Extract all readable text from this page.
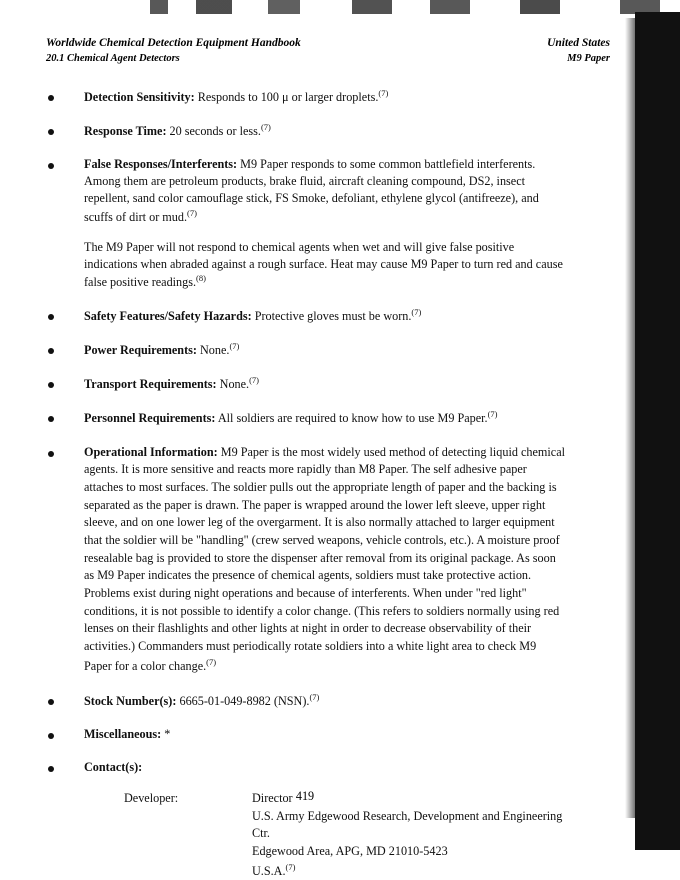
Worldwide Chemical Detection Equipment Handbook
20.1 Chemical Agent Detectors
United States
M9 Paper
Detection Sensitivity: Responds to 100 μ or larger droplets.$^{(7)}$
Response Time: 20 seconds or less.$^{(7)}$
False Responses/Interferents: M9 Paper responds to some common battlefield interferents. Among them are petroleum products, brake fluid, aircraft cleaning compound, DS2, insect repellent, sand color camouflage stick, FS Smoke, defoliant, ethylene glycol (antifreeze), and scuffs of dirt or mud.$^{(7)}$
The M9 Paper will not respond to chemical agents when wet and will give false positive indications when abraded against a rough surface. Heat may cause M9 Paper to turn red and cause false positive readings.$^{(8)}$
Safety Features/Safety Hazards: Protective gloves must be worn.$^{(7)}$
Power Requirements: None.$^{(7)}$
Transport Requirements: None.$^{(7)}$
Personnel Requirements: All soldiers are required to know how to use M9 Paper.$^{(7)}$
Operational Information: M9 Paper is the most widely used method of detecting liquid chemical agents. It is more sensitive and reacts more rapidly than M8 Paper. The self adhesive paper attaches to most surfaces. The soldier pulls out the appropriate length of paper and the backing is separated as the paper is drawn. The paper is wrapped around the lower left sleeve, upper right sleeve, and on one lower leg of the overgarment. It is also normally attached to larger equipment that the soldier will be "handling" (crew served weapons, vehicle controls, etc.). A moisture proof resealable bag is provided to store the dispenser after removal from its original package. As soon as M9 Paper indicates the presence of chemical agents, soldiers must take protective action. Problems exist during night operations and because of interferents. When under "red light" conditions, it is not possible to identify a color change. (This refers to soldiers normally using red lenses on their flashlights and other lights at night in order to decrease observability of their activities.) Commanders must periodically rotate soldiers into a white light area to check M9 Paper for a color change.$^{(7)}$
Stock Number(s): 6665-01-049-8982 (NSN).$^{(7)}$
Miscellaneous: *
Contact(s):
Developer:	Director
U.S. Army Edgewood Research, Development and Engineering Ctr.
Edgewood Area, APG, MD 21010-5423
U.S.A.$^{(7)}$
419
